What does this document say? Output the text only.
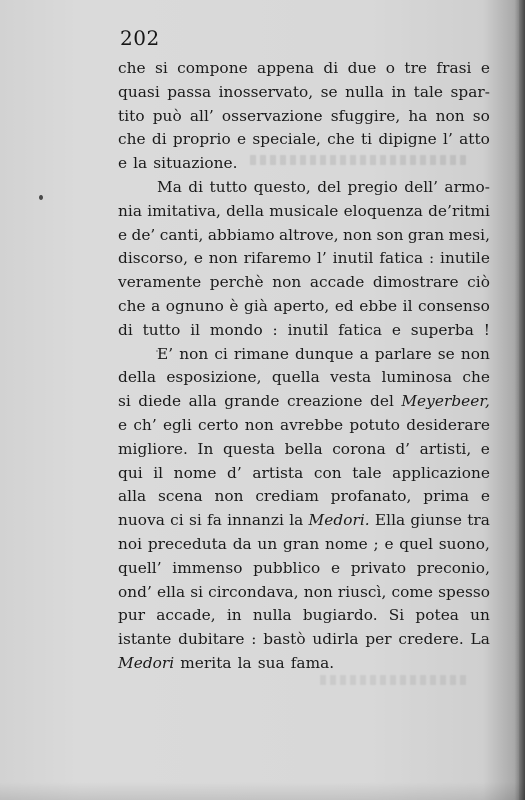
202
che si compone appena di due o tre frasi e
quasi passa inosservato, se nulla in tale spar-
tito può all’ osservazione sfuggire, ha non so
che di proprio e speciale, che ti dipigne l’ atto
e la situazione.
Ma di tutto questo, del pregio dell’ armo-
nia imitativa, della musicale eloquenza de’ritmi
e de’ canti, abbiamo altrove, non son gran mesi,
discorso, e non rifaremo l’ inutil fatica : inutile
veramente perchè non accade dimostrare ciò
che a ognuno è già aperto, ed ebbe il consenso
di tutto il mondo : inutil fatica e superba !
E’ non ci rimane dunque a parlare se non
della esposizione, quella vesta luminosa che
si diede alla grande creazione del Meyerbeer,
e ch’ egli certo non avrebbe potuto desiderare
migliore. In questa bella corona d’ artisti, e
qui il nome d’ artista con tale applicazione
alla scena non crediam profanato, prima e
nuova ci si fa innanzi la Medori. Ella giunse tra
noi preceduta da un gran nome ; e quel suono,
quell’ immenso pubblico e privato preconio,
ond’ ella si circondava, non riuscì, come spesso
pur accade, in nulla bugiardo. Si potea un
istante dubitare : bastò udirla per credere. La
Medori merita la sua fama.
